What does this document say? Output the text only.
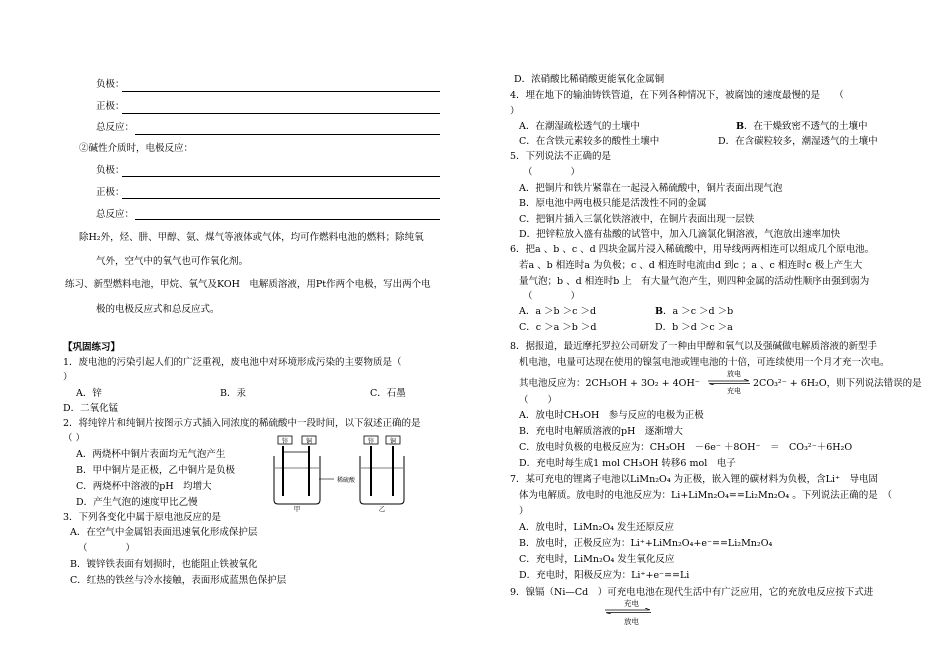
负极：
正极：
总反应：
②碱性介质时，电极反应：
负极：
正极：
总反应：
除H₂外，烃、肼、甲醇、氨、煤气等液体或气体，均可作燃料电池的燃料；除纯氧
气外，空气中的氧气也可作氧化剂。
练习、新型燃料电池，甲烷、氧气及KOH　电解质溶液，用Pt作两个电极，写出两个电
极的电极反应式和总反应式。
【巩固练习】
1．废电池的污染引起人们的广泛重视，废电池中对环境形成污染的主要物质是（
）
A．锌	B．汞	C．石墨
D．二氧化锰
2．将纯锌片和纯铜片按图示方式插入同浓度的稀硫酸中一段时间，以下叙述正确的是
（ ）
A．两烧杯中铜片表面均无气泡产生
B．甲中铜片是正极，乙中铜片是负极
C．两烧杯中溶液的pH　均增大
D．产生气泡的速度甲比乙慢
锌	铜	锌	铜
稀硫酸
甲	乙
3．下列各变化中属于原电池反应的是
A．在空气中金属铝表面迅速氧化形成保护层
（　　　　）
B．镀锌铁表面有划损时，也能阻止铁被氧化
C．红热的铁丝与冷水接触，表面形成蓝黑色保护层
D．浓硝酸比稀硝酸更能氧化金属铜
4．埋在地下的输油铸铁管道，在下列各种情况下，被腐蚀的速度最慢的是　　（
）
A．在潮湿疏松透气的土壤中	B．在干燥致密不透气的土壤中
C．在含铁元素较多的酸性土壤中	D．在含碳粒较多，潮湿透气的土壤中
5．下列说法不正确的是
（　　　　）
A．把铜片和铁片紧靠在一起浸入稀硫酸中，铜片表面出现气泡
B．原电池中两电极只能是活泼性不同的金属
C．把铜片插入三氯化铁溶液中，在铜片表面出现一层铁
D．把锌粒放入盛有盐酸的试管中，加入几滴氯化铜溶液，气泡放出速率加快
6．把a 、b 、c 、d 四块金属片浸入稀硫酸中，用导线两两相连可以组成几个原电池。
若a 、b 相连时a 为负极；c 、d 相连时电流由d 到c ；a 、c 相连时c 极上产生大
量气泡；b 、d 相连时b 上　有大量气泡产生，则四种金属的活动性顺序由强到弱为
（　　　　）
A．a ＞b ＞c ＞d	B．a ＞c ＞d ＞b
C．c ＞a ＞b ＞d	D．b ＞d ＞c ＞a
8．据报道，最近摩托罗拉公司研发了一种由甲醇和氧气以及强碱做电解质溶液的新型手
机电池，电量可达现在使用的镍氢电池或锂电池的十倍，可连续使用一个月才充一次电。
其电池反应为：2CH₃OH + 3O₂ + 4OH⁻
放电
充电
2CO₃²⁻ + 6H₂O，则下列说法错误的是
（　　）
A．放电时CH₃OH　参与反应的电极为正极
B．充电时电解质溶液的pH　逐渐增大
C．放电时负极的电极反应为：CH₃OH　－6e⁻ ＋8OH⁻　＝　CO₃²⁻＋6H₂O
D．充电时每生成1 mol CH₃OH 转移6 mol　电子
7．某可充电的锂离子电池以LiMn₂O₄ 为正极，嵌入锂的碳材料为负极，含Li⁺　导电固
体为电解质。放电时的电池反应为：Li+LiMn₂O₄==Li₂Mn₂O₄ 。下列说法正确的是　（
）
A．放电时，LiMn₂O₄ 发生还原反应
B．放电时，正极反应为：Li⁺+LiMn₂O₄+e⁻==Li₂Mn₂O₄
C．充电时，LiMn₂O₄ 发生氧化反应
D．充电时，阳极反应为：Li⁺+e⁻==Li
9．镍镉（Ni—Cd　）可充电电池在现代生活中有广泛应用，它的充放电反应按下式进
充电
放电
